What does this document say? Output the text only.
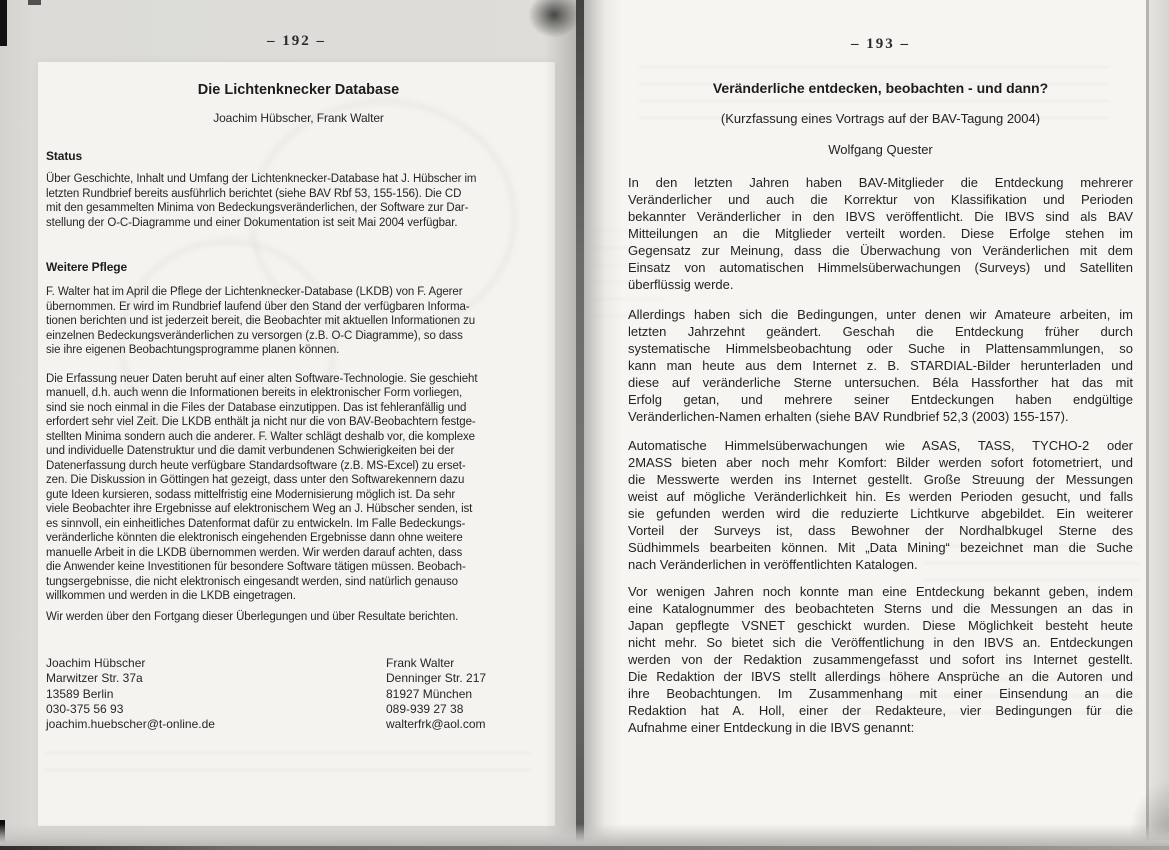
– 192 –
Die Lichtenknecker Database
Joachim Hübscher, Frank Walter
Status
Über Geschichte, Inhalt und Umfang der Lichtenknecker-Database hat J. Hübscher im
letzten Rundbrief bereits ausführlich berichtet (siehe BAV Rbf 53, 155-156). Die CD
mit den gesammelten Minima von Bedeckungsveränderlichen, der Software zur Dar-
stellung der O-C-Diagramme und einer Dokumentation ist seit Mai 2004 verfügbar.
Weitere Pflege
F. Walter hat im April die Pflege der Lichtenknecker-Database (LKDB) von F. Agerer
übernommen. Er wird im Rundbrief laufend über den Stand der verfügbaren Informa-
tionen berichten und ist jederzeit bereit, die Beobachter mit aktuellen Informationen zu
einzelnen Bedeckungsveränderlichen zu versorgen (z.B. O-C Diagramme), so dass
sie ihre eigenen Beobachtungsprogramme planen können.
Die Erfassung neuer Daten beruht auf einer alten Software-Technologie. Sie geschieht
manuell, d.h. auch wenn die Informationen bereits in elektronischer Form vorliegen,
sind sie noch einmal in die Files der Database einzutippen. Das ist fehleranfällig und
erfordert sehr viel Zeit. Die LKDB enthält ja nicht nur die von BAV-Beobachtern festge-
stellten Minima sondern auch die anderer. F. Walter schlägt deshalb vor, die komplexe
und individuelle Datenstruktur und die damit verbundenen Schwierigkeiten bei der
Datenerfassung durch heute verfügbare Standardsoftware (z.B. MS-Excel) zu erset-
zen. Die Diskussion in Göttingen hat gezeigt, dass unter den Softwarekennern dazu
gute Ideen kursieren, sodass mittelfristig eine Modernisierung möglich ist. Da sehr
viele Beobachter ihre Ergebnisse auf elektronischem Weg an J. Hübscher senden, ist
es sinnvoll, ein einheitliches Datenformat dafür zu entwickeln. Im Falle Bedeckungs-
veränderliche könnten die elektronisch eingehenden Ergebnisse dann ohne weitere
manuelle Arbeit in die LKDB übernommen werden. Wir werden darauf achten, dass
die Anwender keine Investitionen für besondere Software tätigen müssen. Beobach-
tungsergebnisse, die nicht elektronisch eingesandt werden, sind natürlich genauso
willkommen und werden in die LKDB eingetragen.
Wir werden über den Fortgang dieser Überlegungen und über Resultate berichten.
Joachim Hübscher
Marwitzer Str. 37a
13589 Berlin
030-375 56 93
joachim.huebscher@t-online.de
Frank Walter
Denninger Str. 217
81927 München
089-939 27 38
walterfrk@aol.com
– 193 –
Veränderliche entdecken, beobachten - und dann?
(Kurzfassung eines Vortrags auf der BAV-Tagung 2004)
Wolfgang Quester
In den letzten Jahren haben BAV-Mitglieder die Entdeckung mehrerer
Veränderlicher und auch die Korrektur von Klassifikation und Perioden
bekannter Veränderlicher in den IBVS veröffentlicht. Die IBVS sind als BAV
Mitteilungen an die Mitglieder verteilt worden. Diese Erfolge stehen im
Gegensatz zur Meinung, dass die Überwachung von Veränderlichen mit dem
Einsatz von automatischen Himmelsüberwachungen (Surveys) und Satelliten
überflüssig werde.
Allerdings haben sich die Bedingungen, unter denen wir Amateure arbeiten, im
letzten Jahrzehnt geändert. Geschah die Entdeckung früher durch
systematische Himmelsbeobachtung oder Suche in Plattensammlungen, so
kann man heute aus dem Internet z. B. STARDIAL-Bilder herunterladen und
diese auf veränderliche Sterne untersuchen. Béla Hassforther hat das mit
Erfolg getan, und mehrere seiner Entdeckungen haben endgültige
Veränderlichen-Namen erhalten (siehe BAV Rundbrief 52,3 (2003) 155-157).
Automatische Himmelsüberwachungen wie ASAS, TASS, TYCHO-2 oder
2MASS bieten aber noch mehr Komfort: Bilder werden sofort fotometriert, und
die Messwerte werden ins Internet gestellt. Große Streuung der Messungen
weist auf mögliche Veränderlichkeit hin. Es werden Perioden gesucht, und falls
sie gefunden werden wird die reduzierte Lichtkurve abgebildet. Ein weiterer
Vorteil der Surveys ist, dass Bewohner der Nordhalbkugel Sterne des
Südhimmels bearbeiten können. Mit „Data Mining“ bezeichnet man die Suche
nach Veränderlichen in veröffentlichten Katalogen.
Vor wenigen Jahren noch konnte man eine Entdeckung bekannt geben, indem
eine Katalognummer des beobachteten Sterns und die Messungen an das in
Japan gepflegte VSNET geschickt wurden. Diese Möglichkeit besteht heute
nicht mehr. So bietet sich die Veröffentlichung in den IBVS an. Entdeckungen
werden von der Redaktion zusammengefasst und sofort ins Internet gestellt.
Die Redaktion der IBVS stellt allerdings höhere Ansprüche an die Autoren und
ihre Beobachtungen. Im Zusammenhang mit einer Einsendung an die
Redaktion hat A. Holl, einer der Redakteure, vier Bedingungen für die
Aufnahme einer Entdeckung in die IBVS genannt:
